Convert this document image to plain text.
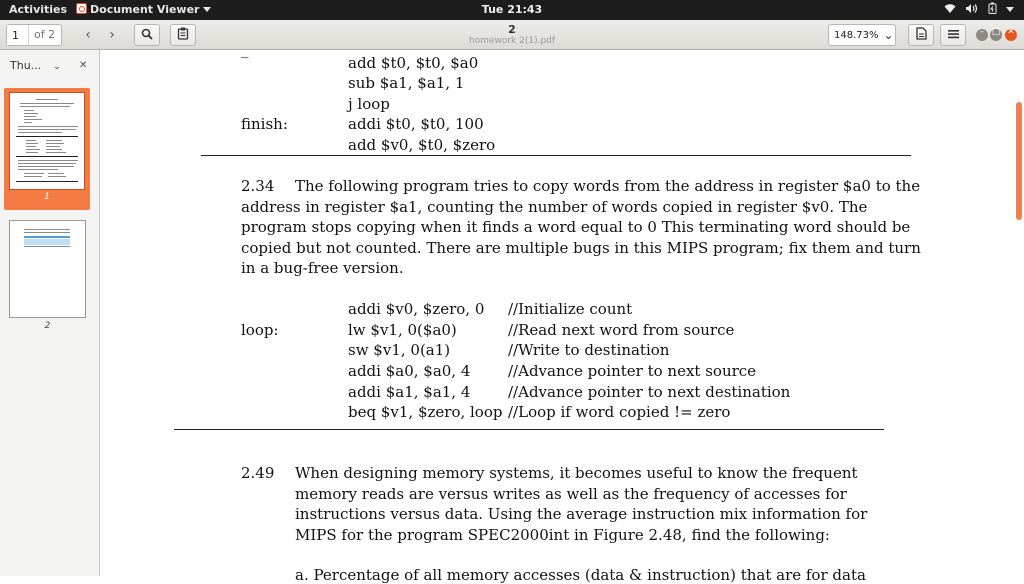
Activities	Document Viewer	Tue 21:43
1
of 2 ‹ ›	2
homework 2(1).pdf
148.73% ⌄	– □ ✕
Thu... ⌄ ✕
1
2
_
add $t0, $t0, $a0
sub $a1, $a1, 1
j loop
finish:	addi $t0, $t0, 100
add $v0, $t0, $zero
2.34 The following program tries to copy words from the address in register $a0 to the
address in register $a1, counting the number of words copied in register $v0. The
program stops copying when it finds a word equal to 0 This terminating word should be
copied but not counted. There are multiple bugs in this MIPS program; fix them and turn
in a bug-free version.
addi $v0, $zero, 0 //Initialize count
loop:	lw $v1, 0($a0)	//Read next word from source
sw $v1, 0(a1)	//Write to destination
addi $a0, $a0, 4	//Advance pointer to next source
addi $a1, $a1, 4	//Advance pointer to next destination
beq $v1, $zero, loop //Loop if word copied != zero
2.49 When designing memory systems, it becomes useful to know the frequent
memory reads are versus writes as well as the frequency of accesses for
instructions versus data. Using the average instruction mix information for
MIPS for the program SPEC2000int in Figure 2.48, find the following:
a. Percentage of all memory accesses (data & instruction) that are for data
